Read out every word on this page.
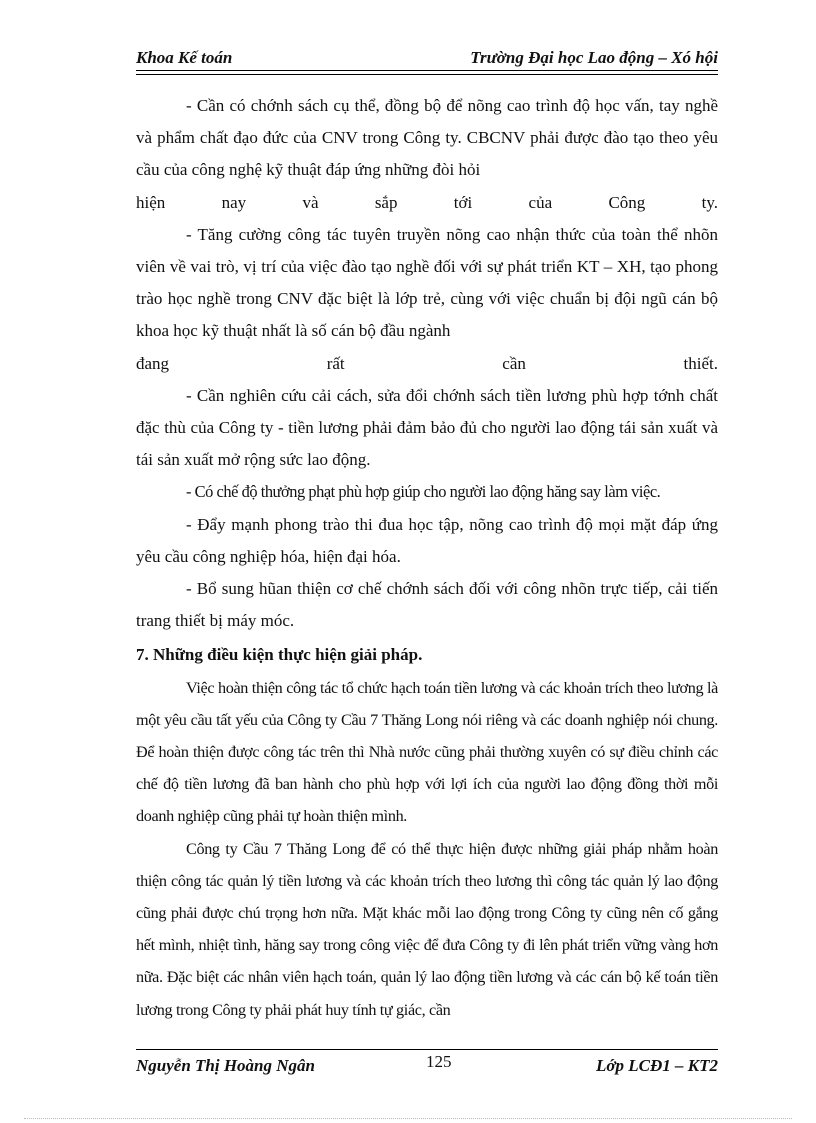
Khoa Kế toán	Trường Đại học Lao động – Xó hội

- Cần có chớnh sách cụ thể, đồng bộ để nõng cao trình độ học vấn, tay nghề và phẩm chất đạo đức của CNV trong Công ty. CBCNV phải được đào tạo theo yêu cầu của công nghệ kỹ thuật đáp ứng những đòi hỏi

hiện nay và sắp tới của Công ty.

- Tăng cường công tác tuyên truyền nõng cao nhận thức của toàn thể nhõn viên về vai trò, vị trí của việc đào tạo nghề đối với sự phát triển KT – XH, tạo phong trào học nghề trong CNV đặc biệt là lớp trẻ, cùng với việc chuẩn bị đội ngũ cán bộ khoa học kỹ thuật nhất là số cán bộ đầu ngành

đang rất cần thiết.

- Cần nghiên cứu cải cách, sửa đổi chớnh sách tiền lương phù hợp tớnh chất đặc thù của Công ty - tiền lương phải đảm bảo đủ cho người lao động tái sản xuất và tái sản xuất mở rộng sức lao động.

- Có chế độ thưởng phạt phù hợp giúp cho người lao động hăng say làm việc.

- Đẩy mạnh phong trào thi đua học tập, nõng cao trình độ mọi mặt đáp ứng yêu cầu công nghiệp hóa, hiện đại hóa.

- Bổ sung hũan thiện cơ chế chớnh sách đối với công nhõn trực tiếp, cải tiến trang thiết bị máy móc.

7. Những điều kiện thực hiện giải pháp.

Việc hoàn thiện công tác tổ chức hạch toán tiền lương và các khoản trích theo lương là một yêu cầu tất yếu của Công ty Cầu 7 Thăng Long nói riêng và các doanh nghiệp nói chung. Để hoàn thiện được công tác trên thì Nhà nước cũng phải thường xuyên có sự điều chỉnh các chế độ tiền lương đã ban hành cho phù hợp với lợi ích của người lao động đồng thời mỗi doanh nghiệp cũng phải tự hoàn thiện mình.

Công ty Cầu 7 Thăng Long để có thể thực hiện được những giải pháp nhằm hoàn thiện công tác quản lý tiền lương và các khoản trích theo lương thì công tác quản lý lao động cũng phải được chú trọng hơn nữa. Mặt khác mỗi lao động trong Công ty cũng nên cố gắng hết mình, nhiệt tình, hăng say trong công việc để đưa Công ty đi lên phát triển vững vàng hơn nữa. Đặc biệt các nhân viên hạch toán, quản lý lao động tiền lương và các cán bộ kế toán tiền lương trong Công ty phải phát huy tính tự giác, cần

Nguyễn Thị Hoàng Ngân	125	Lớp LCĐ1 – KT2
